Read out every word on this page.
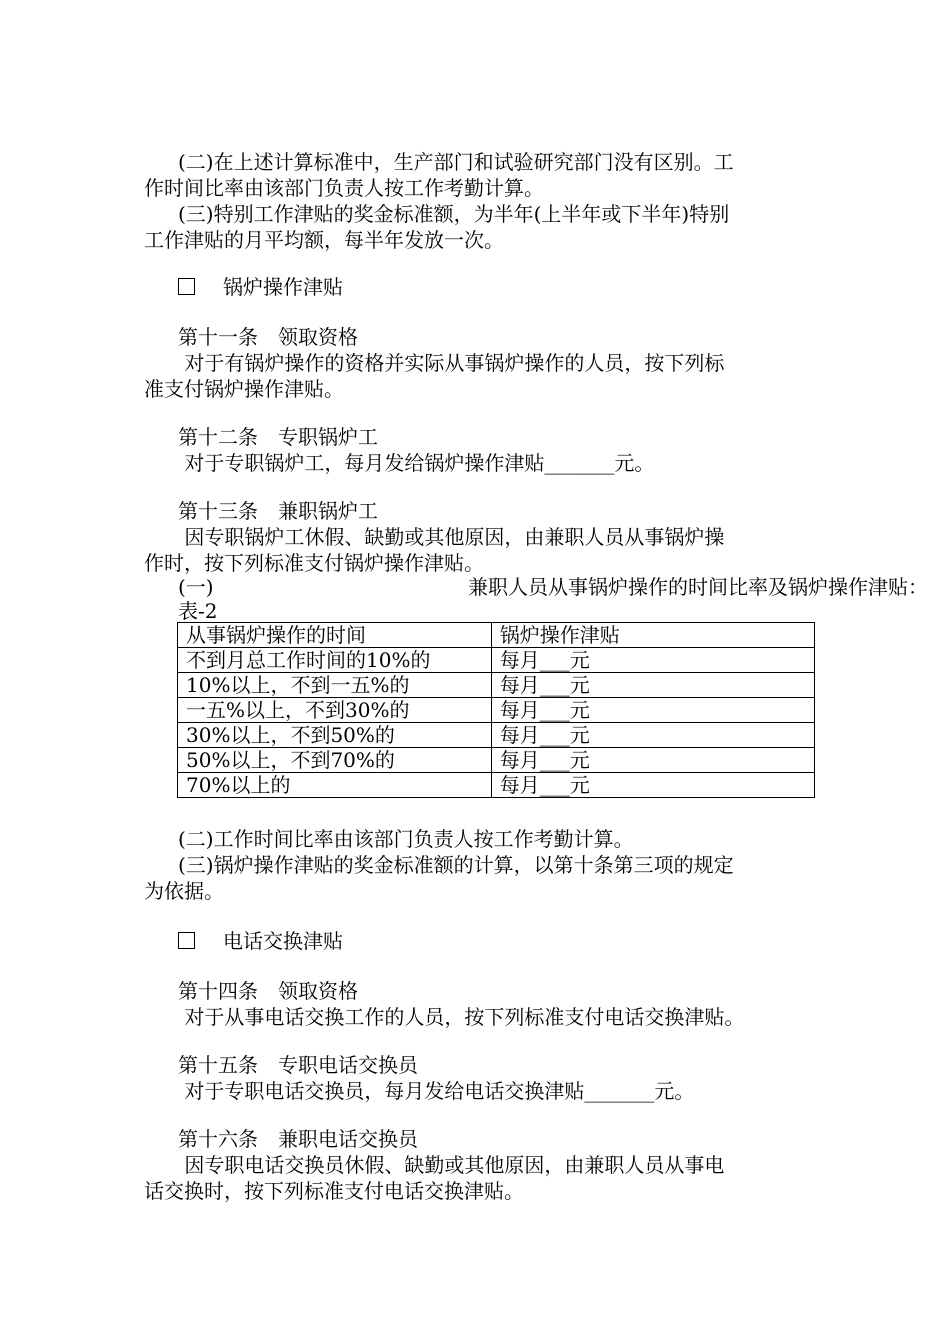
(二)在上述计算标准中，生产部门和试验研究部门没有区别。工
作时间比率由该部门负责人按工作考勤计算。
(三)特别工作津贴的奖金标准额，为半年(上半年或下半年)特别
工作津贴的月平均额，每半年发放一次。
锅炉操作津贴
第十一条　领取资格
对于有锅炉操作的资格并实际从事锅炉操作的人员，按下列标
准支付锅炉操作津贴。
第十二条　专职锅炉工
对于专职锅炉工，每月发给锅炉操作津贴_______元。
第十三条　兼职锅炉工
因专职锅炉工休假、缺勤或其他原因，由兼职人员从事锅炉操
作时，按下列标准支付锅炉操作津贴。
(一)	兼职人员从事锅炉操作的时间比率及锅炉操作津贴：
表-2
从事锅炉操作的时间	锅炉操作津贴
不到月总工作时间的10%的	每月___元
10%以上，不到一五%的	每月___元
一五%以上，不到30%的	每月___元
30%以上，不到50%的	每月___元
50%以上，不到70%的	每月___元
70%以上的	每月___元
(二)工作时间比率由该部门负责人按工作考勤计算。
(三)锅炉操作津贴的奖金标准额的计算，以第十条第三项的规定
为依据。
电话交换津贴
第十四条　领取资格
对于从事电话交换工作的人员，按下列标准支付电话交换津贴。
第十五条　专职电话交换员
对于专职电话交换员，每月发给电话交换津贴_______元。
第十六条　兼职电话交换员
因专职电话交换员休假、缺勤或其他原因，由兼职人员从事电
话交换时，按下列标准支付电话交换津贴。
